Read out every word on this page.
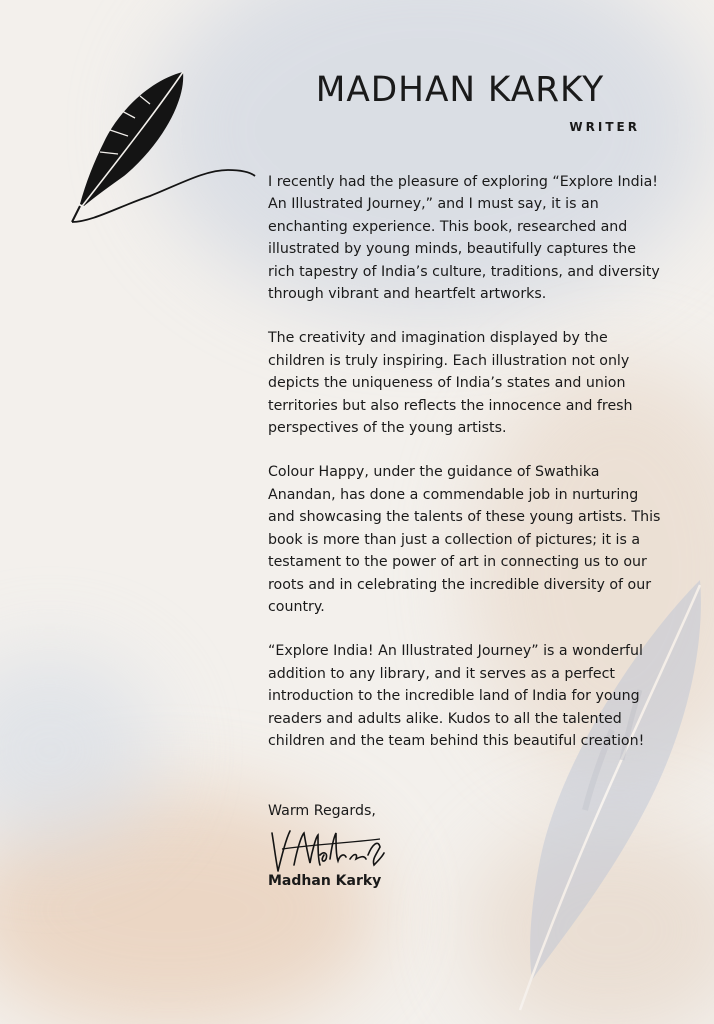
MADHAN KARKY
WRITER

I recently had the pleasure of exploring “Explore India! An Illustrated Journey,” and I must say, it is an enchanting experience. This book, researched and illustrated by young minds, beautifully captures the rich tapestry of India’s culture, traditions, and diversity through vibrant and heartfelt artworks.

The creativity and imagination displayed by the children is truly inspiring. Each illustration not only depicts the uniqueness of India’s states and union territories but also reflects the innocence and fresh perspectives of the young artists.

Colour Happy, under the guidance of Swathika Anandan, has done a commendable job in nurturing and showcasing the talents of these young artists. This book is more than just a collection of pictures; it is a testament to the power of art in connecting us to our roots and in celebrating the incredible diversity of our country.

“Explore India! An Illustrated Journey” is a wonderful addition to any library, and it serves as a perfect introduction to the incredible land of India for young readers and adults alike. Kudos to all the talented children and the team behind this beautiful creation!

Warm Regards,
Madhan Karky
